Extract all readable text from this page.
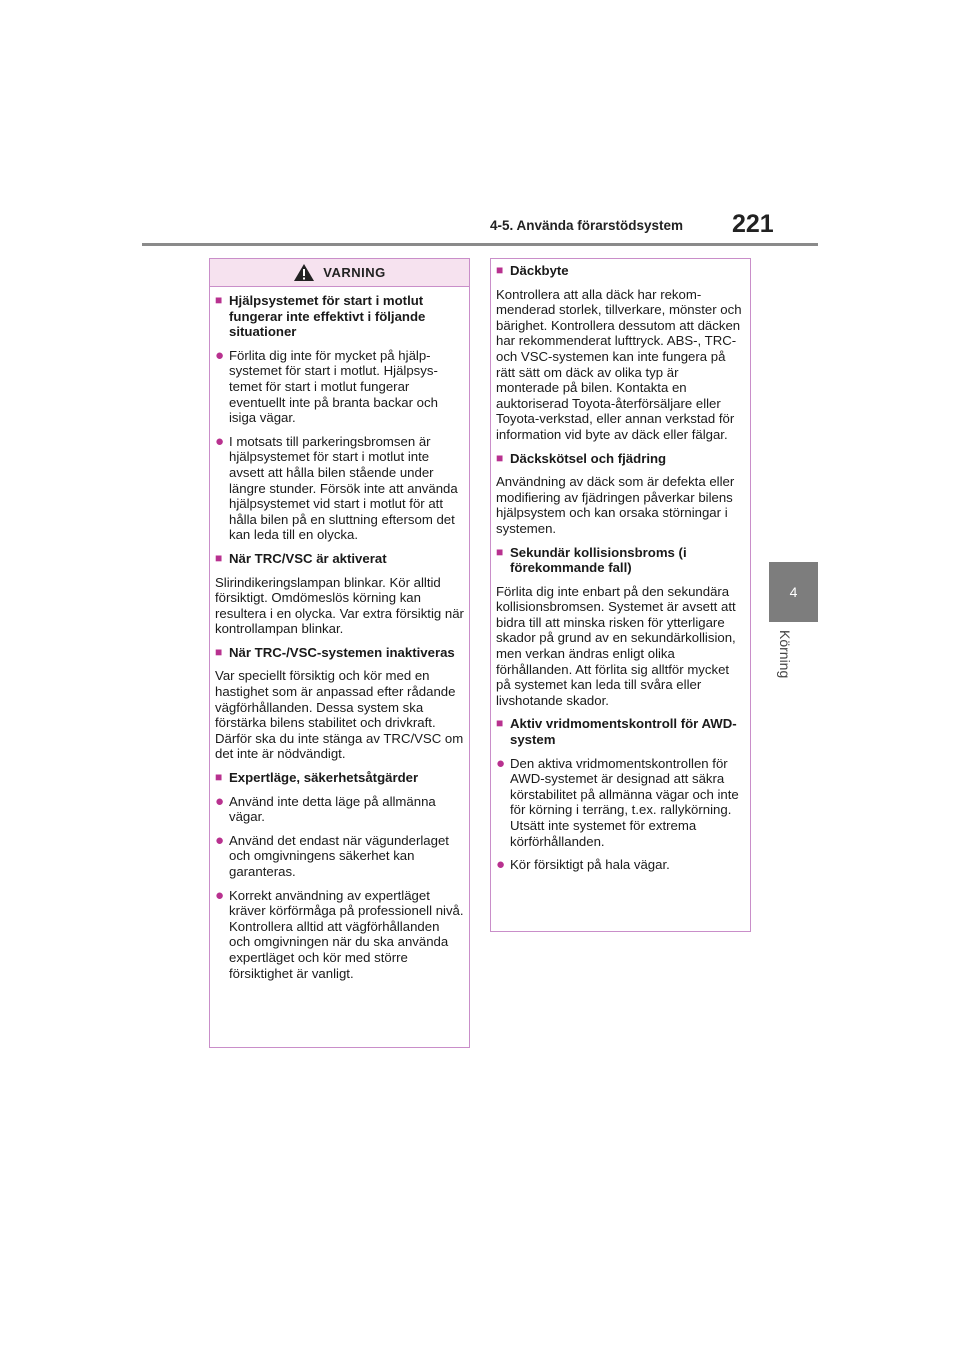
4-5. Använda förarstödsystem	221
4
Körning
VARNING
■ Hjälpsystemet för start i motlut fungerar inte effektivt i följande situationer
● Förlita dig inte för mycket på hjälpsystemet för start i motlut. Hjälpsystemet för start i motlut fungerar eventuellt inte på branta backar och isiga vägar.
● I motsats till parkeringsbromsen är hjälpsystemet för start i motlut inte avsett att hålla bilen stående under längre stunder. Försök inte att använda hjälpsystemet vid start i motlut för att hålla bilen på en sluttning eftersom det kan leda till en olycka.
■ När TRC/VSC är aktiverat
Slirindikeringslampan blinkar. Kör alltid försiktigt. Omdömeslös körning kan resultera i en olycka. Var extra försiktig när kontrollampan blinkar.
■ När TRC-/VSC-systemen inaktiveras
Var speciellt försiktig och kör med en hastighet som är anpassad efter rådande vägförhållanden. Dessa system ska förstärka bilens stabilitet och drivkraft. Därför ska du inte stänga av TRC/VSC om det inte är nödvändigt.
■ Expertläge, säkerhetsåtgärder
● Använd inte detta läge på allmänna vägar.
● Använd det endast när vägunderlaget och omgivningens säkerhet kan garanteras.
● Korrekt användning av expertläget kräver körförmåga på professionell nivå. Kontrollera alltid att vägförhållanden och omgivningen när du ska använda expertläget och kör med större försiktighet är vanligt.
■ Däckbyte
Kontrollera att alla däck har rekommenderad storlek, tillverkare, mönster och bärighet. Kontrollera dessutom att däcken har rekommenderat lufttryck. ABS-, TRC- och VSC-systemen kan inte fungera på rätt sätt om däck av olika typ är monterade på bilen. Kontakta en auktoriserad Toyota-återförsäljare eller Toyota-verkstad, eller annan verkstad för information vid byte av däck eller fälgar.
■ Däckskötsel och fjädring
Användning av däck som är defekta eller modifiering av fjädringen påverkar bilens hjälpsystem och kan orsaka störningar i systemen.
■ Sekundär kollisionsbroms (i förekommande fall)
Förlita dig inte enbart på den sekundära kollisionsbromsen. Systemet är avsett att bidra till att minska risken för ytterligare skador på grund av en sekundärkollision, men verkan ändras enligt olika förhållanden. Att förlita sig alltför mycket på systemet kan leda till svåra eller livshotande skador.
■ Aktiv vridmomentskontroll för AWD-system
● Den aktiva vridmomentskontrollen för AWD-systemet är designad att säkra körstabilitet på allmänna vägar och inte för körning i terräng, t.ex. rallykörning. Utsätt inte systemet för extrema körförhållanden.
● Kör försiktigt på hala vägar.
